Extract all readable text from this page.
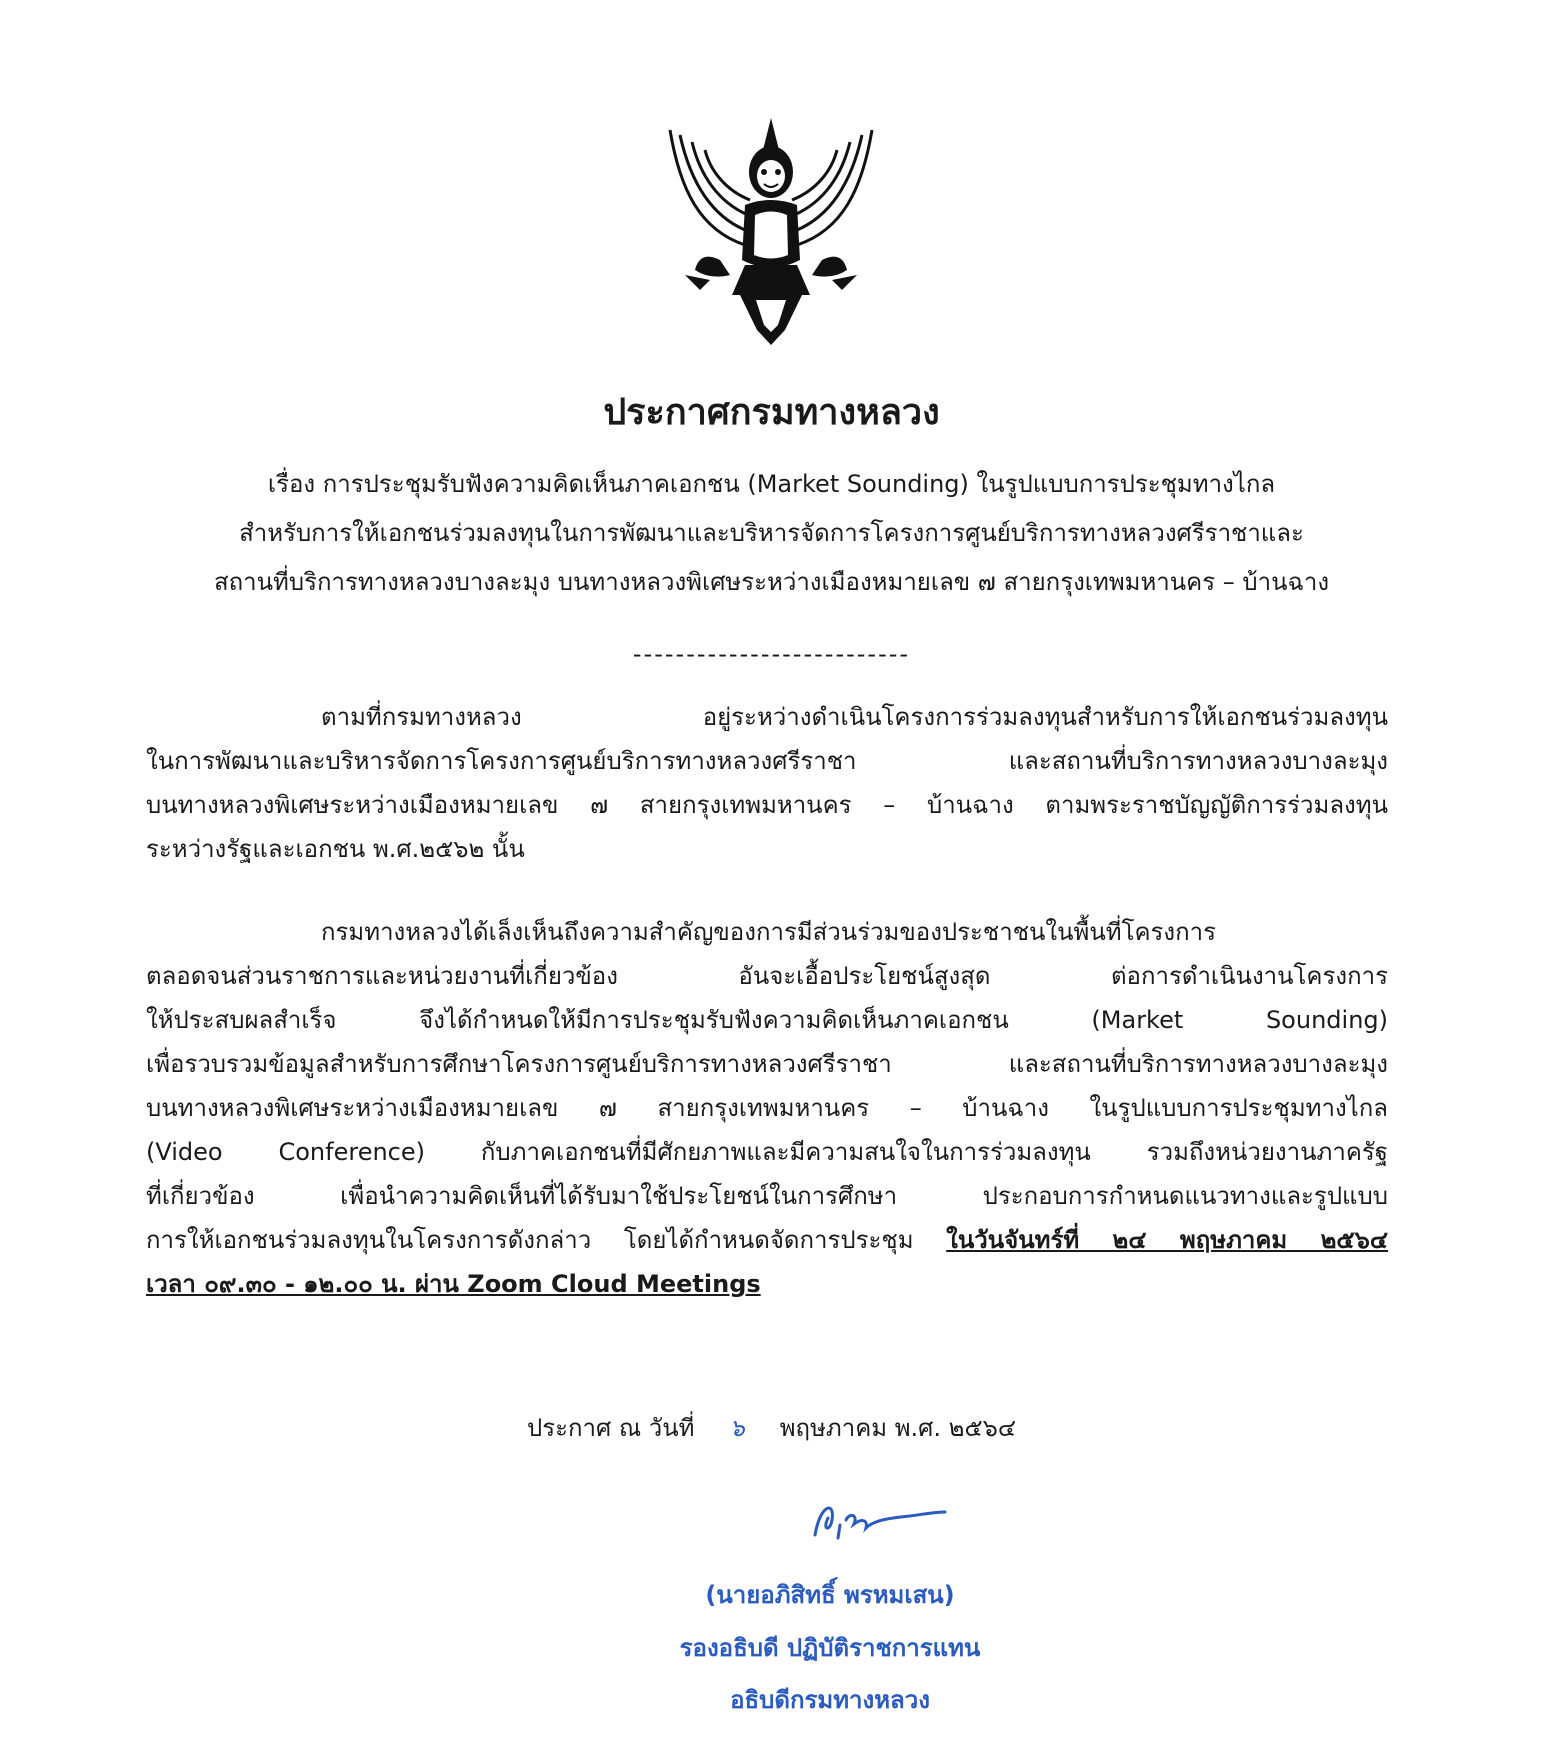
ประกาศกรมทางหลวง
เรื่อง การประชุมรับฟังความคิดเห็นภาคเอกชน (Market Sounding) ในรูปแบบการประชุมทางไกล
สำหรับการให้เอกชนร่วมลงทุนในการพัฒนาและบริหารจัดการโครงการศูนย์บริการทางหลวงศรีราชาและ
สถานที่บริการทางหลวงบางละมุง บนทางหลวงพิเศษระหว่างเมืองหมายเลข ๗ สายกรุงเทพมหานคร – บ้านฉาง
--------------------------
ตามที่กรมทางหลวง อยู่ระหว่างดำเนินโครงการร่วมลงทุนสำหรับการให้เอกชนร่วมลงทุน
ในการพัฒนาและบริหารจัดการโครงการศูนย์บริการทางหลวงศรีราชา และสถานที่บริการทางหลวงบางละมุง
บนทางหลวงพิเศษระหว่างเมืองหมายเลข ๗ สายกรุงเทพมหานคร – บ้านฉาง ตามพระราชบัญญัติการร่วมลงทุน
ระหว่างรัฐและเอกชน พ.ศ.๒๕๖๒ นั้น
กรมทางหลวงได้เล็งเห็นถึงความสำคัญของการมีส่วนร่วมของประชาชนในพื้นที่โครงการ
ตลอดจนส่วนราชการและหน่วยงานที่เกี่ยวข้อง อันจะเอื้อประโยชน์สูงสุด ต่อการดำเนินงานโครงการ
ให้ประสบผลสำเร็จ จึงได้กำหนดให้มีการประชุมรับฟังความคิดเห็นภาคเอกชน (Market Sounding)
เพื่อรวบรวมข้อมูลสำหรับการศึกษาโครงการศูนย์บริการทางหลวงศรีราชา และสถานที่บริการทางหลวงบางละมุง
บนทางหลวงพิเศษระหว่างเมืองหมายเลข ๗ สายกรุงเทพมหานคร – บ้านฉาง ในรูปแบบการประชุมทางไกล
(Video Conference) กับภาคเอกชนที่มีศักยภาพและมีความสนใจในการร่วมลงทุน รวมถึงหน่วยงานภาครัฐ
ที่เกี่ยวข้อง เพื่อนำความคิดเห็นที่ได้รับมาใช้ประโยชน์ในการศึกษา ประกอบการกำหนดแนวทางและรูปแบบ
การให้เอกชนร่วมลงทุนในโครงการดังกล่าว โดยได้กำหนดจัดการประชุม ในวันจันทร์ที่ ๒๔ พฤษภาคม ๒๕๖๔
เวลา ๐๙.๓๐ - ๑๒.๐๐ น. ผ่าน Zoom Cloud Meetings
ประกาศ ณ วันที่ ๖ พฤษภาคม พ.ศ. ๒๕๖๔
(นายอภิสิทธิ์ พรหมเสน)
รองอธิบดี ปฏิบัติราชการแทน
อธิบดีกรมทางหลวง
